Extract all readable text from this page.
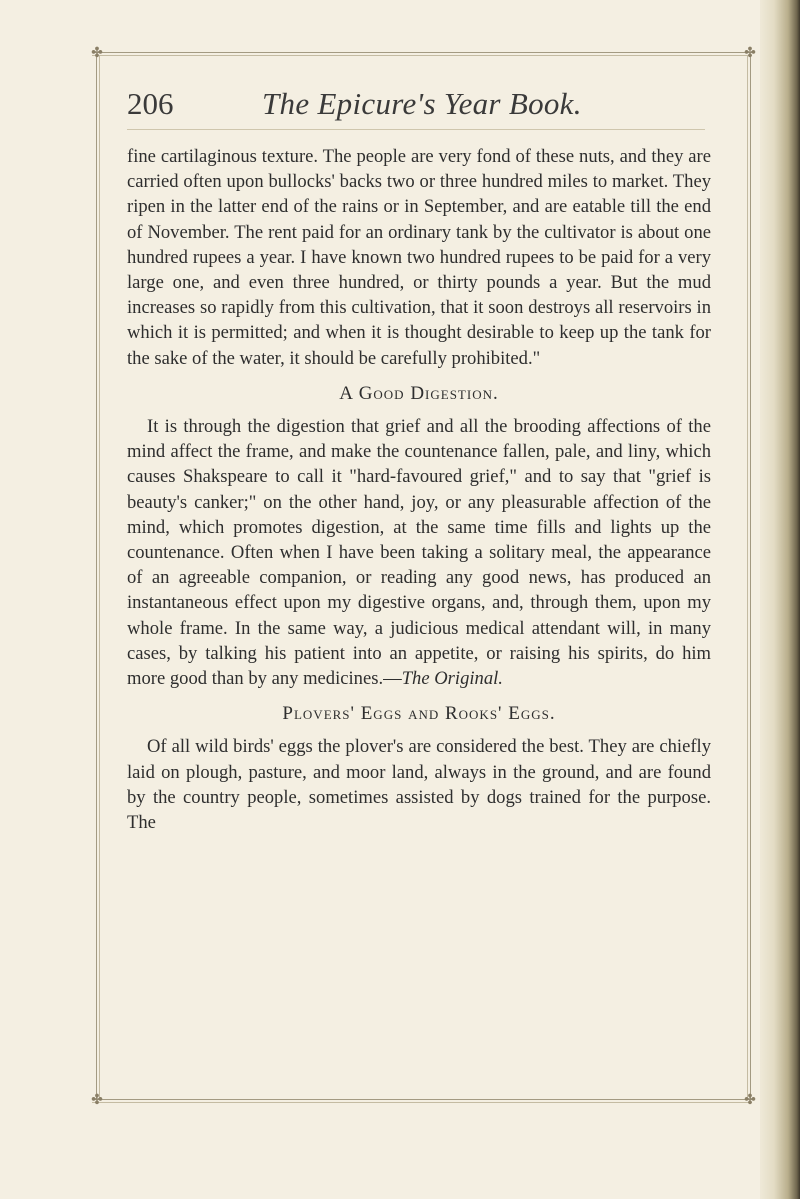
✤	✤
✤	✤
206	The Epicure's Year Book.

fine cartilaginous texture. The people are very fond of these nuts, and they are carried often upon bullocks' backs two or three hundred miles to market. They ripen in the latter end of the rains or in September, and are eatable till the end of November. The rent paid for an ordinary tank by the cultivator is about one hundred rupees a year. I have known two hundred rupees to be paid for a very large one, and even three hundred, or thirty pounds a year. But the mud increases so rapidly from this cultivation, that it soon destroys all reservoirs in which it is permitted; and when it is thought desirable to keep up the tank for the sake of the water, it should be carefully prohibited."

A Good Digestion.

It is through the digestion that grief and all the brooding affections of the mind affect the frame, and make the countenance fallen, pale, and liny, which causes Shakspeare to call it "hard-favoured grief," and to say that "grief is beauty's canker;" on the other hand, joy, or any pleasurable affection of the mind, which promotes digestion, at the same time fills and lights up the countenance. Often when I have been taking a solitary meal, the appearance of an agreeable companion, or reading any good news, has produced an instantaneous effect upon my digestive organs, and, through them, upon my whole frame. In the same way, a judicious medical attendant will, in many cases, by talking his patient into an appetite, or raising his spirits, do him more good than by any medicines.—The Original.

Plovers' Eggs and Rooks' Eggs.

Of all wild birds' eggs the plover's are considered the best. They are chiefly laid on plough, pasture, and moor land, always in the ground, and are found by the country people, sometimes assisted by dogs trained for the purpose. The
